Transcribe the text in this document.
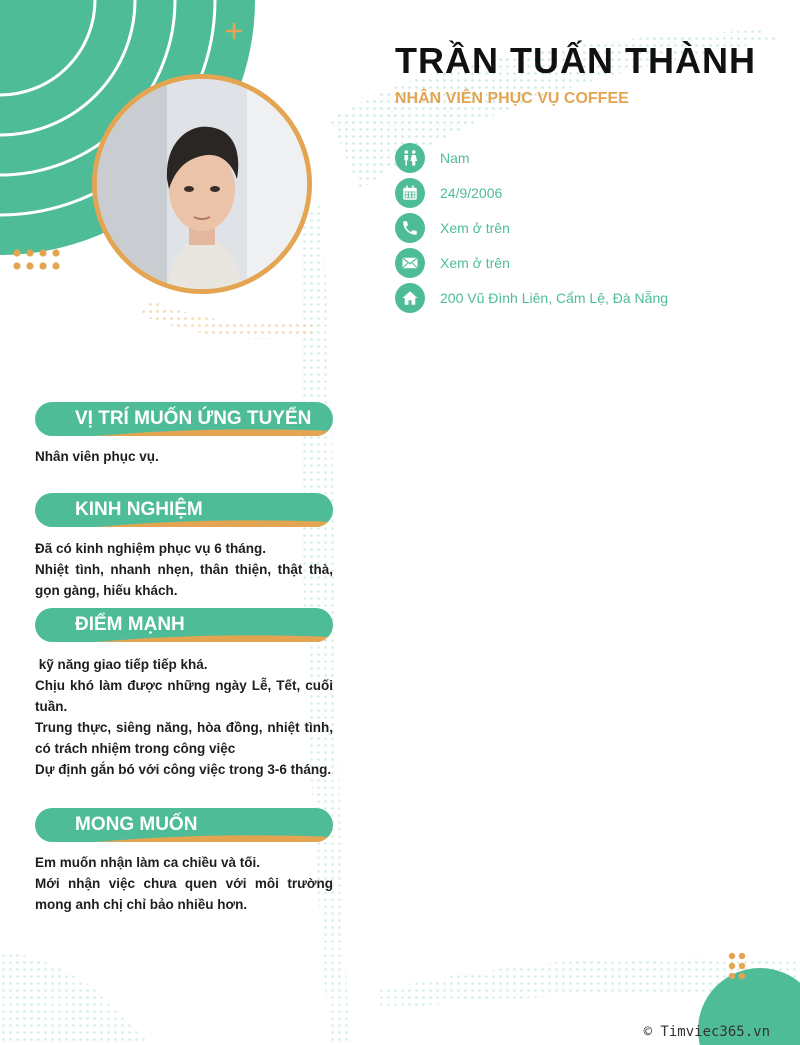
TRẦN TUẤN THÀNH
NHÂN VIÊN PHỤC VỤ COFFEE
Nam
24/9/2006
Xem ở trên
Xem ở trên
200 Vũ Đình Liên, Cẩm Lệ, Đà Nẵng
VỊ TRÍ MUỐN ỨNG TUYỂN

Nhân viên phục vụ.

KINH NGHIỆM

Đã có kinh nghiệm phục vụ 6 tháng.

Nhiệt tình, nhanh nhẹn, thân thiện, thật thà, gọn gàng, hiếu khách.

ĐIỂM MẠNH

kỹ năng giao tiếp tiếp khá.

Chịu khó làm được những ngày Lễ, Tết, cuối tuần.

Trung thực, siêng năng, hòa đồng, nhiệt tình, có trách nhiệm trong công việc

Dự định gắn bó với công việc trong 3-6 tháng.

MONG MUỐN

Em muốn nhận làm ca chiều và tối.

Mới nhận việc chưa quen với môi trường mong anh chị chỉ bảo nhiều hơn.

© Timviec365.vn
